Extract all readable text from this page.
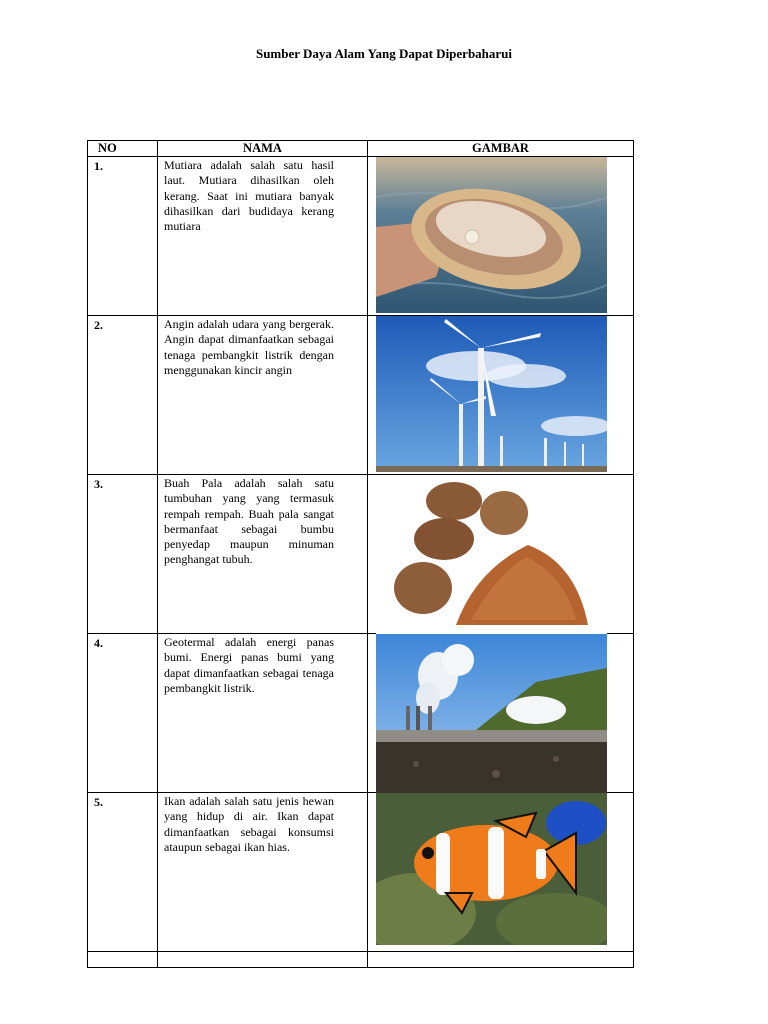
Sumber Daya Alam Yang Dapat Diperbaharui
NO	NAMA	GAMBAR
1.	Mutiara adalah salah satu hasil laut. Mutiara dihasilkan oleh kerang. Saat ini mutiara banyak dihasilkan dari budidaya kerang mutiara	

2.	Angin adalah udara yang bergerak. Angin dapat dimanfaatkan sebagai tenaga pembangkit listrik dengan menggunakan kincir angin	

3.	Buah Pala adalah salah satu tumbuhan yang yang termasuk rempah rempah. Buah pala sangat bermanfaat sebagai bumbu penyedap maupun minuman penghangat tubuh.	

4.	Geotermal adalah energi panas bumi. Energi panas bumi yang dapat dimanfaatkan sebagai tenaga pembangkit listrik.	

5.	Ikan adalah salah satu jenis hewan yang hidup di air. Ikan dapat dimanfaatkan sebagai konsumsi ataupun sebagai ikan hias.	
